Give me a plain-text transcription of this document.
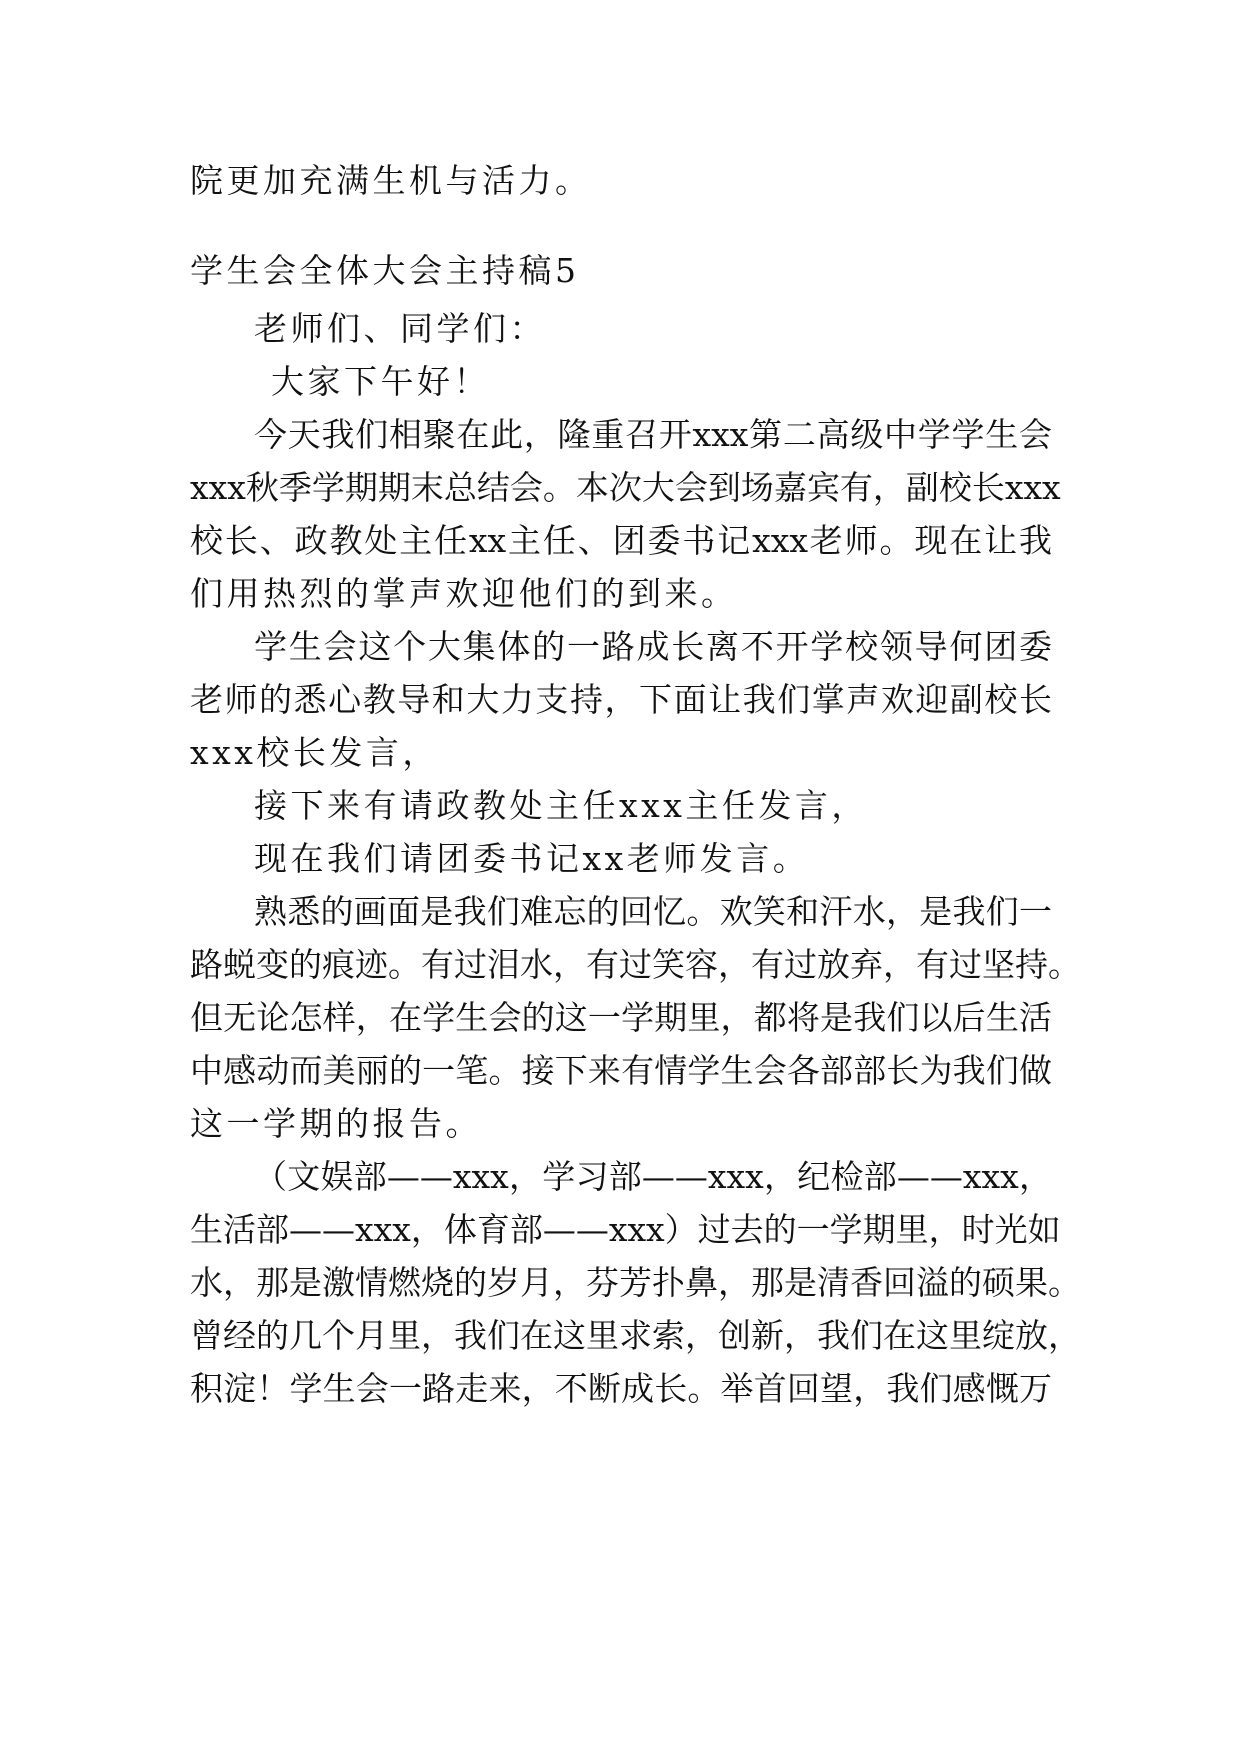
院更加充满生机与活力。
学生会全体大会主持稿5
老师们、同学们：
大家下午好！
今天我们相聚在此，隆重召开xxx第二高级中学学生会
xxx秋季学期期末总结会。本次大会到场嘉宾有，副校长xxx
校长、政教处主任xx主任、团委书记xxx老师。现在让我
们用热烈的掌声欢迎他们的到来。
学生会这个大集体的一路成长离不开学校领导何团委
老师的悉心教导和大力支持，下面让我们掌声欢迎副校长
xxx校长发言，
接下来有请政教处主任xxx主任发言，
现在我们请团委书记xx老师发言。
熟悉的画面是我们难忘的回忆。欢笑和汗水，是我们一
路蜕变的痕迹。有过泪水，有过笑容，有过放弃，有过坚持。
但无论怎样，在学生会的这一学期里，都将是我们以后生活
中感动而美丽的一笔。接下来有情学生会各部部长为我们做
这一学期的报告。
（文娱部——xxx，学习部——xxx，纪检部——xxx，
生活部——xxx，体育部——xxx）过去的一学期里，时光如
水，那是激情燃烧的岁月，芬芳扑鼻，那是清香回溢的硕果。
曾经的几个月里，我们在这里求索，创新，我们在这里绽放，
积淀！学生会一路走来，不断成长。举首回望，我们感慨万
